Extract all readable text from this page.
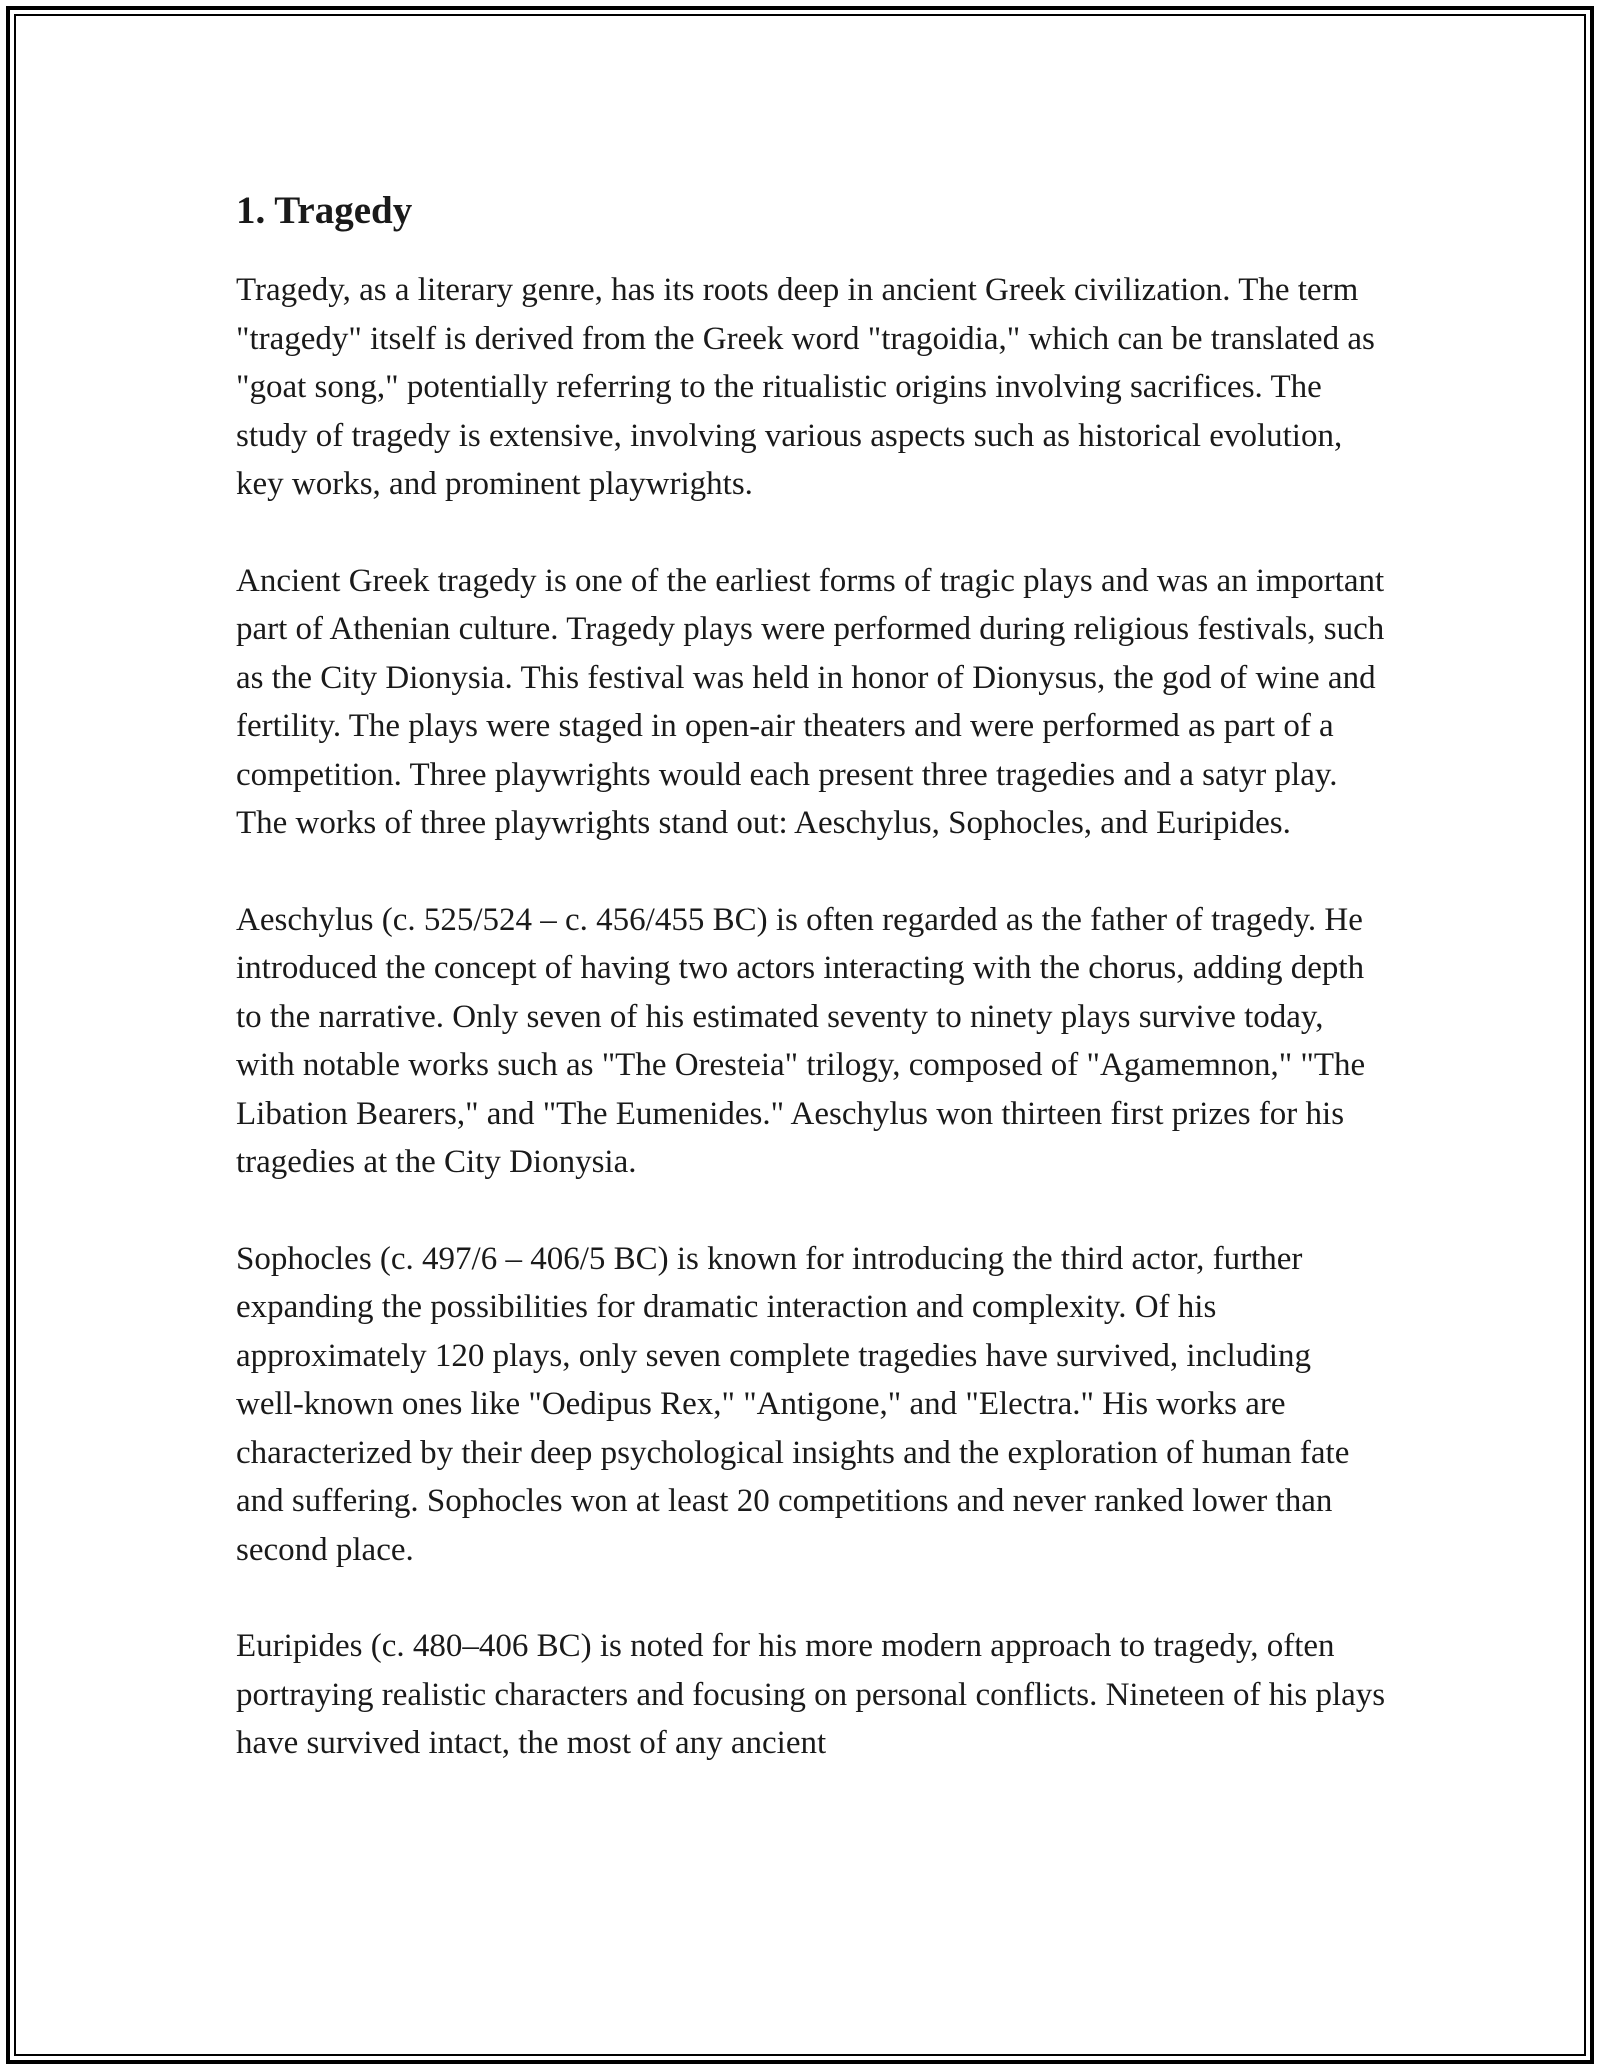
1. Tragedy

Tragedy, as a literary genre, has its roots deep in ancient Greek civilization. The term "tragedy" itself is derived from the Greek word "tragoidia," which can be translated as "goat song," potentially referring to the ritualistic origins involving sacrifices. The study of tragedy is extensive, involving various aspects such as historical evolution, key works, and prominent playwrights.

Ancient Greek tragedy is one of the earliest forms of tragic plays and was an important part of Athenian culture. Tragedy plays were performed during religious festivals, such as the City Dionysia. This festival was held in honor of Dionysus, the god of wine and fertility. The plays were staged in open-air theaters and were performed as part of a competition. Three playwrights would each present three tragedies and a satyr play. The works of three playwrights stand out: Aeschylus, Sophocles, and Euripides.

Aeschylus (c. 525/524 – c. 456/455 BC) is often regarded as the father of tragedy. He introduced the concept of having two actors interacting with the chorus, adding depth to the narrative. Only seven of his estimated seventy to ninety plays survive today, with notable works such as "The Oresteia" trilogy, composed of "Agamemnon," "The Libation Bearers," and "The Eumenides." Aeschylus won thirteen first prizes for his tragedies at the City Dionysia.

Sophocles (c. 497/6 – 406/5 BC) is known for introducing the third actor, further expanding the possibilities for dramatic interaction and complexity. Of his approximately 120 plays, only seven complete tragedies have survived, including well-known ones like "Oedipus Rex," "Antigone," and "Electra." His works are characterized by their deep psychological insights and the exploration of human fate and suffering. Sophocles won at least 20 competitions and never ranked lower than second place.

Euripides (c. 480–406 BC) is noted for his more modern approach to tragedy, often portraying realistic characters and focusing on personal conflicts. Nineteen of his plays have survived intact, the most of any ancient
